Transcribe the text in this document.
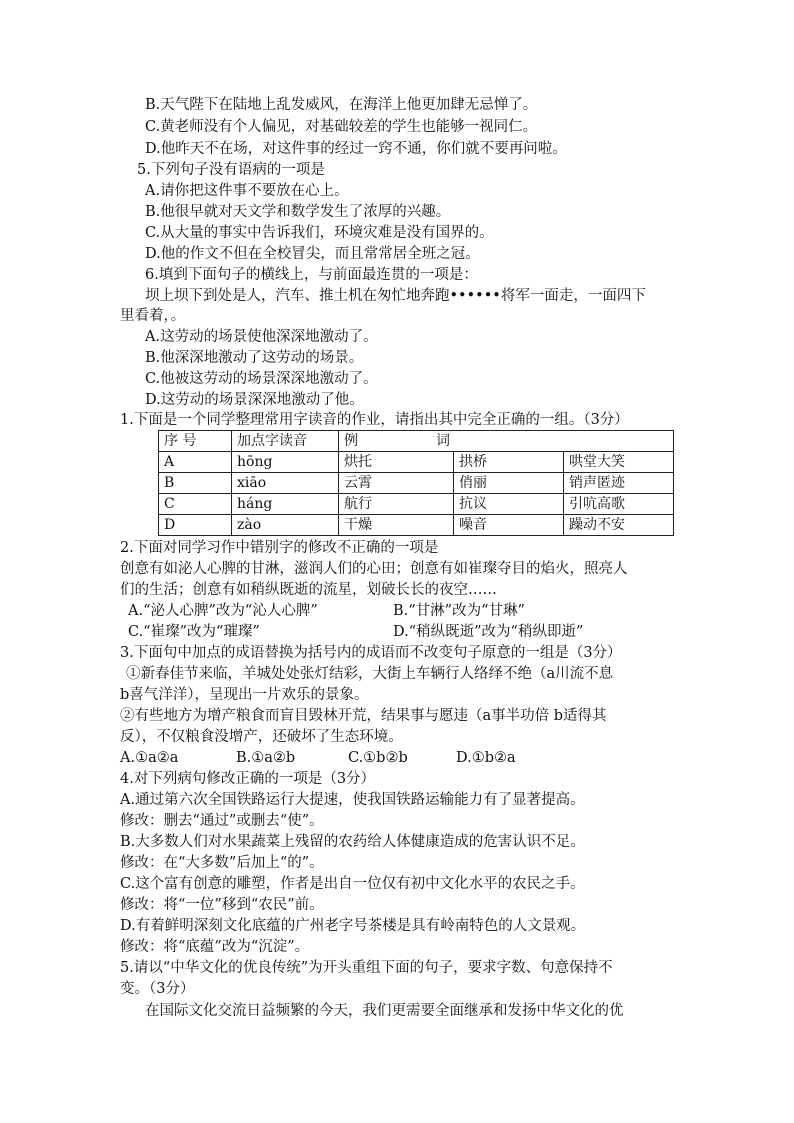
B.天气陛下在陆地上乱发威风，在海洋上他更加肆无忌惮了。
C.黄老师没有个人偏见，对基础较差的学生也能够一视同仁。
D.他昨天不在场，对这件事的经过一窍不通，你们就不要再问啦。
5.下列句子没有语病的一项是
A.请你把这件事不要放在心上。
B.他很早就对天文学和数学发生了浓厚的兴趣。
C.从大量的事实中告诉我们，环境灾难是没有国界的。
D.他的作文不但在全校冒尖，而且常常居全班之冠。
6.填到下面句子的横线上，与前面最连贯的一项是：
坝上坝下到处是人，汽车、推土机在匆忙地奔跑••••••将军一面走，一面四下
里看着，。
A.这劳动的场景使他深深地激动了。
B.他深深地激动了这劳动的场景。
C.他被这劳动的场景深深地激动了。
D.这劳动的场景深深地激动了他。
1.下面是一个同学整理常用字读音的作业，请指出其中完全正确的一组。（3分）
序 号	加点字读音	例 词		
A	hōng	烘托	拱桥	哄堂大笑
B	xiāo	云霄	俏丽	销声匿迹
C	háng	航行	抗议	引吭高歌
D	zào	干燥	噪音	躁动不安
2.下面对同学习作中错别字的修改不正确的一项是
创意有如泌人心脾的甘淋，滋润人们的心田；创意有如崔璨夺目的焰火，照亮人
们的生活；创意有如稍纵既逝的流星，划破长长的夜空……
A.“泌人心脾”改为“沁人心脾”	B.“甘淋”改为“甘琳”
C.“崔璨”改为“璀璨”	D.“稍纵既逝”改为“稍纵即逝”
3.下面句中加点的成语替换为括号内的成语而不改变句子原意的一组是（3分）
①新春佳节来临，羊城处处张灯结彩，大街上车辆行人络绎不绝（a川流不息
b喜气洋洋），呈现出一片欢乐的景象。
②有些地方为增产粮食而盲目毁林开荒，结果事与愿违（a事半功倍 b适得其
反），不仅粮食没增产，还破坏了生态环境。
A.①a②a	B.①a②b	C.①b②b	D.①b②a
4.对下列病句修改正确的一项是（3分）
A.通过第六次全国铁路运行大提速，使我国铁路运输能力有了显著提高。
修改：删去“通过”或删去“使”。
B.大多数人们对水果蔬菜上残留的农药给人体健康造成的危害认识不足。
修改：在“大多数”后加上“的”。
C.这个富有创意的雕塑，作者是出自一位仅有初中文化水平的农民之手。
修改：将“一位”移到“农民”前。
D.有着鲜明深刻文化底蕴的广州老字号茶楼是具有岭南特色的人文景观。
修改：将“底蕴”改为“沉淀”。
5.请以“中华文化的优良传统”为开头重组下面的句子，要求字数、句意保持不
变。（3分）
在国际文化交流日益频繁的今天，我们更需要全面继承和发扬中华文化的优
